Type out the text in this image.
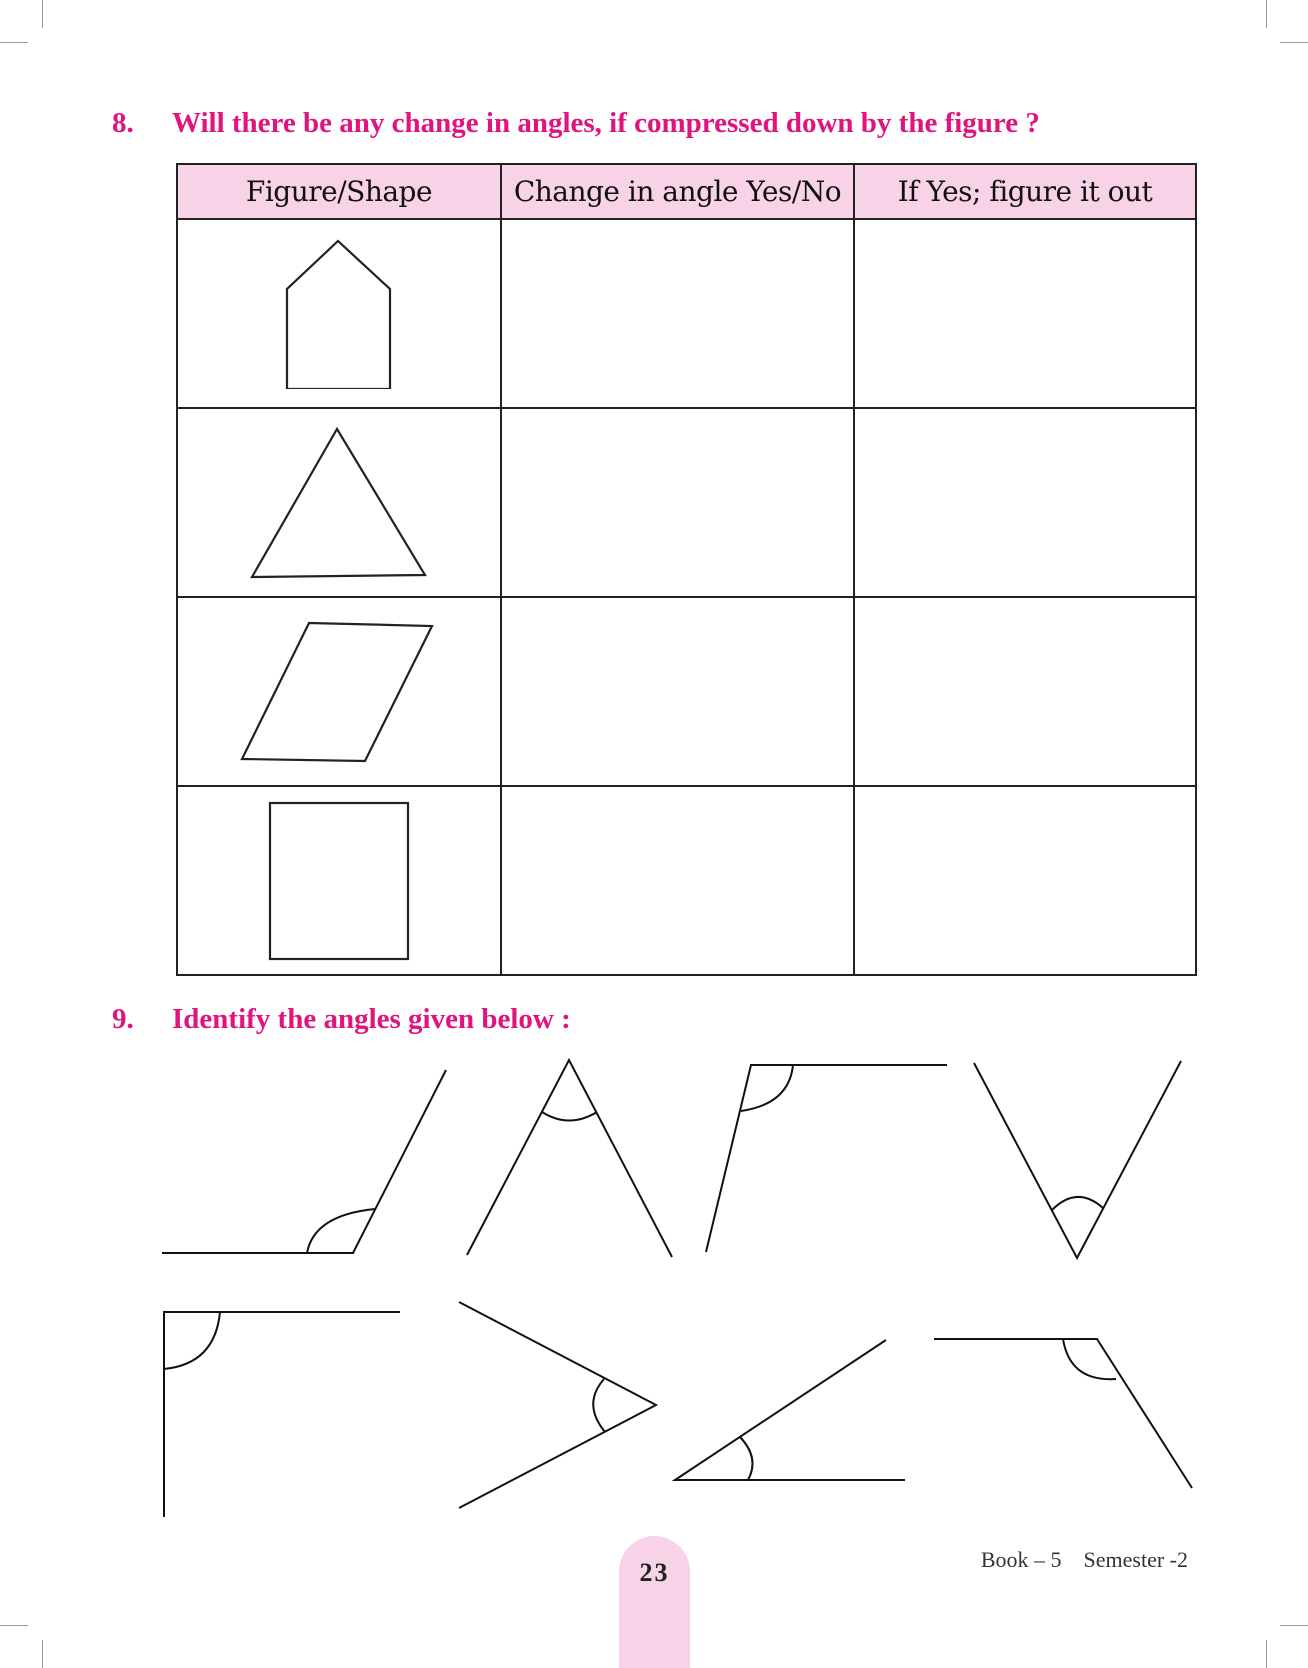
8. Will there be any change in angles, if compressed down by the figure ?
Figure/Shape	Change in angle Yes/No	If Yes; figure it out

9. Identify the angles given below :
23	Book – 5 Semester -2
